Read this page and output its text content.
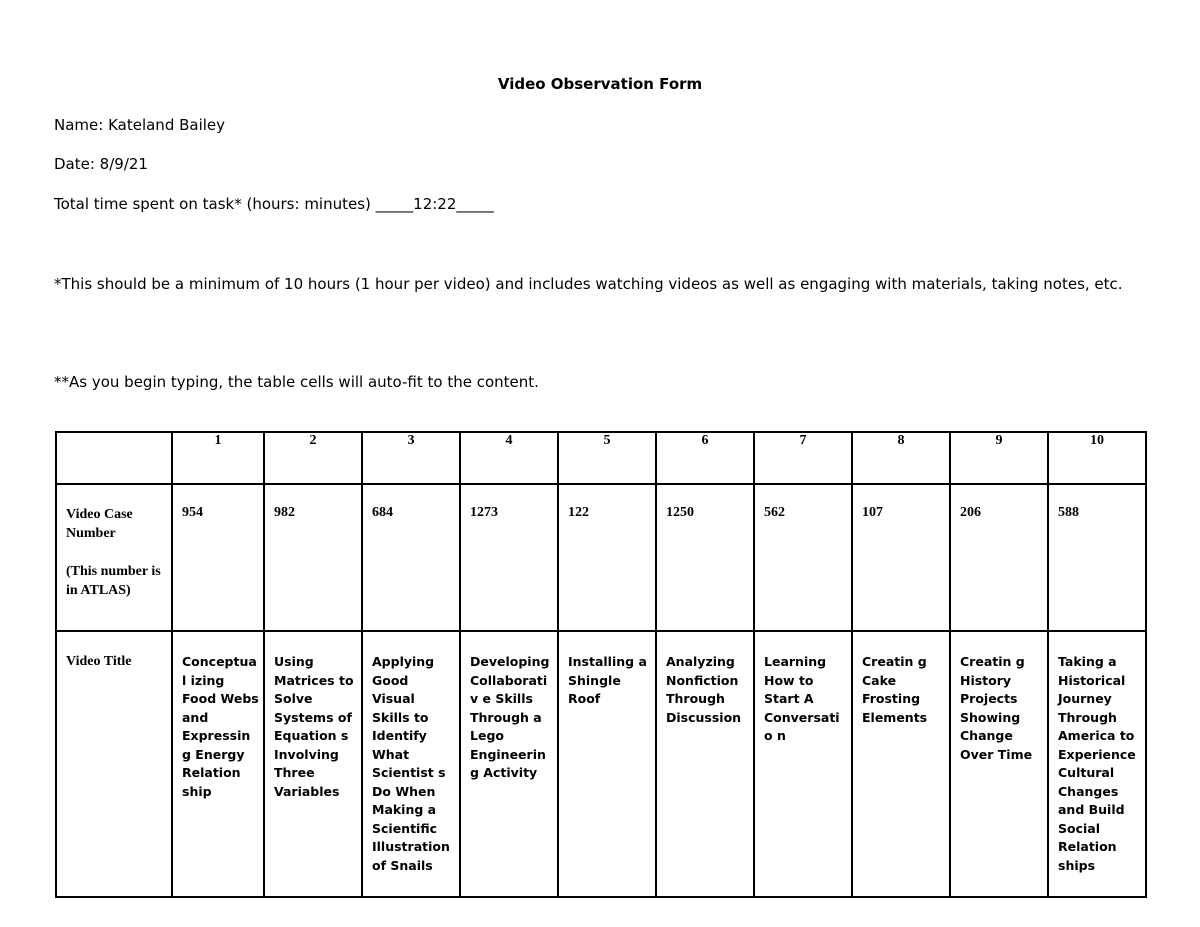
Video Observation Form
Name: Kateland Bailey
Date: 8/9/21
Total time spent on task* (hours: minutes) _____12:22_____
*This should be a minimum of 10 hours (1 hour per video) and includes watching videos as well as engaging with materials, taking notes, etc.
**As you begin typing, the table cells will auto-fit to the content.
	1	2	3	4	5	6	7	8	9	10
Video Case Number
(This number is in ATLAS)	954	982	684	1273	122	1250	562	107	206	588
Video Title	Conceptual izing Food Webs and Expressing Energy Relation ship	Using Matrices to Solve Systems of Equation s Involving Three Variables	Applying Good Visual Skills to Identify What Scientist s Do When Making a Scientific Illustration of Snails	Developing Collaborativ e Skills Through a Lego Engineering Activity	Installing a Shingle Roof	Analyzing Nonfiction Through Discussion	Learning How to Start A Conversatio n	Creatin g Cake Frosting Elements	Creatin g History Projects Showing Change Over Time	Taking a Historical Journey Through America to Experience Cultural Changes and Build Social Relation ships
